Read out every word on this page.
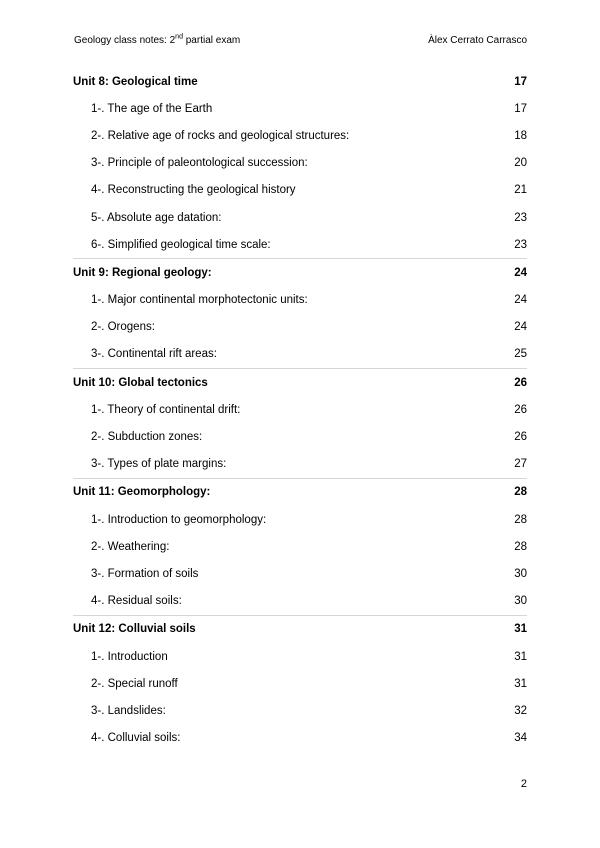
Geology class notes: 2nd partial exam	Àlex Cerrato Carrasco
Unit 8: Geological time	17
1-. The age of the Earth	17
2-. Relative age of rocks and geological structures:	18
3-. Principle of paleontological succession:	20
4-. Reconstructing the geological history	21
5-. Absolute age datation:	23
6-. Simplified geological time scale:	23
Unit 9: Regional geology:	24
1-. Major continental morphotectonic units:	24
2-. Orogens:	24
3-. Continental rift areas:	25
Unit 10: Global tectonics	26
1-. Theory of continental drift:	26
2-. Subduction zones:	26
3-. Types of plate margins:	27
Unit 11: Geomorphology:	28
1-. Introduction to geomorphology:	28
2-. Weathering:	28
3-. Formation of soils	30
4-. Residual soils:	30
Unit 12: Colluvial soils	31
1-. Introduction	31
2-. Special runoff	31
3-. Landslides:	32
4-. Colluvial soils:	34
2
